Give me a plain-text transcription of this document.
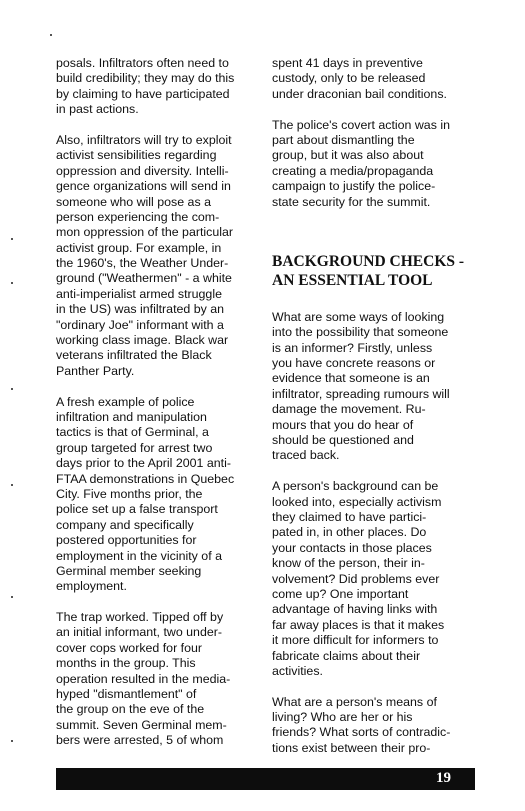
posals. Infiltrators often need to
build credibility; they may do this
by claiming to have participated
in past actions.
Also, infiltrators will try to exploit
activist sensibilities regarding
oppression and diversity. Intelli-
gence organizations will send in
someone who will pose as a
person experiencing the com-
mon oppression of the particular
activist group. For example, in
the 1960's, the Weather Under-
ground ("Weathermen" - a white
anti-imperialist armed struggle
in the US) was infiltrated by an
"ordinary Joe" informant with a
working class image. Black war
veterans infiltrated the Black
Panther Party.
A fresh example of police
infiltration and manipulation
tactics is that of Germinal, a
group targeted for arrest two
days prior to the April 2001 anti-
FTAA demonstrations in Quebec
City. Five months prior, the
police set up a false transport
company and specifically
postered opportunities for
employment in the vicinity of a
Germinal member seeking
employment.
The trap worked. Tipped off by
an initial informant, two under-
cover cops worked for four
months in the group. This
operation resulted in the media-
hyped "dismantlement" of
the group on the eve of the
summit. Seven Germinal mem-
bers were arrested, 5 of whom
spent 41 days in preventive
custody, only to be released
under draconian bail conditions.
The police's covert action was in
part about dismantling the
group, but it was also about
creating a media/propaganda
campaign to justify the police-
state security for the summit.
BACKGROUND CHECKS -
AN ESSENTIAL TOOL
What are some ways of looking
into the possibility that someone
is an informer? Firstly, unless
you have concrete reasons or
evidence that someone is an
infiltrator, spreading rumours will
damage the movement. Ru-
mours that you do hear of
should be questioned and
traced back.
A person's background can be
looked into, especially activism
they claimed to have partici-
pated in, in other places. Do
your contacts in those places
know of the person, their in-
volvement? Did problems ever
come up? One important
advantage of having links with
far away places is that it makes
it more difficult for informers to
fabricate claims about their
activities.
What are a person's means of
living? Who are her or his
friends? What sorts of contradic-
tions exist between their pro-
19
